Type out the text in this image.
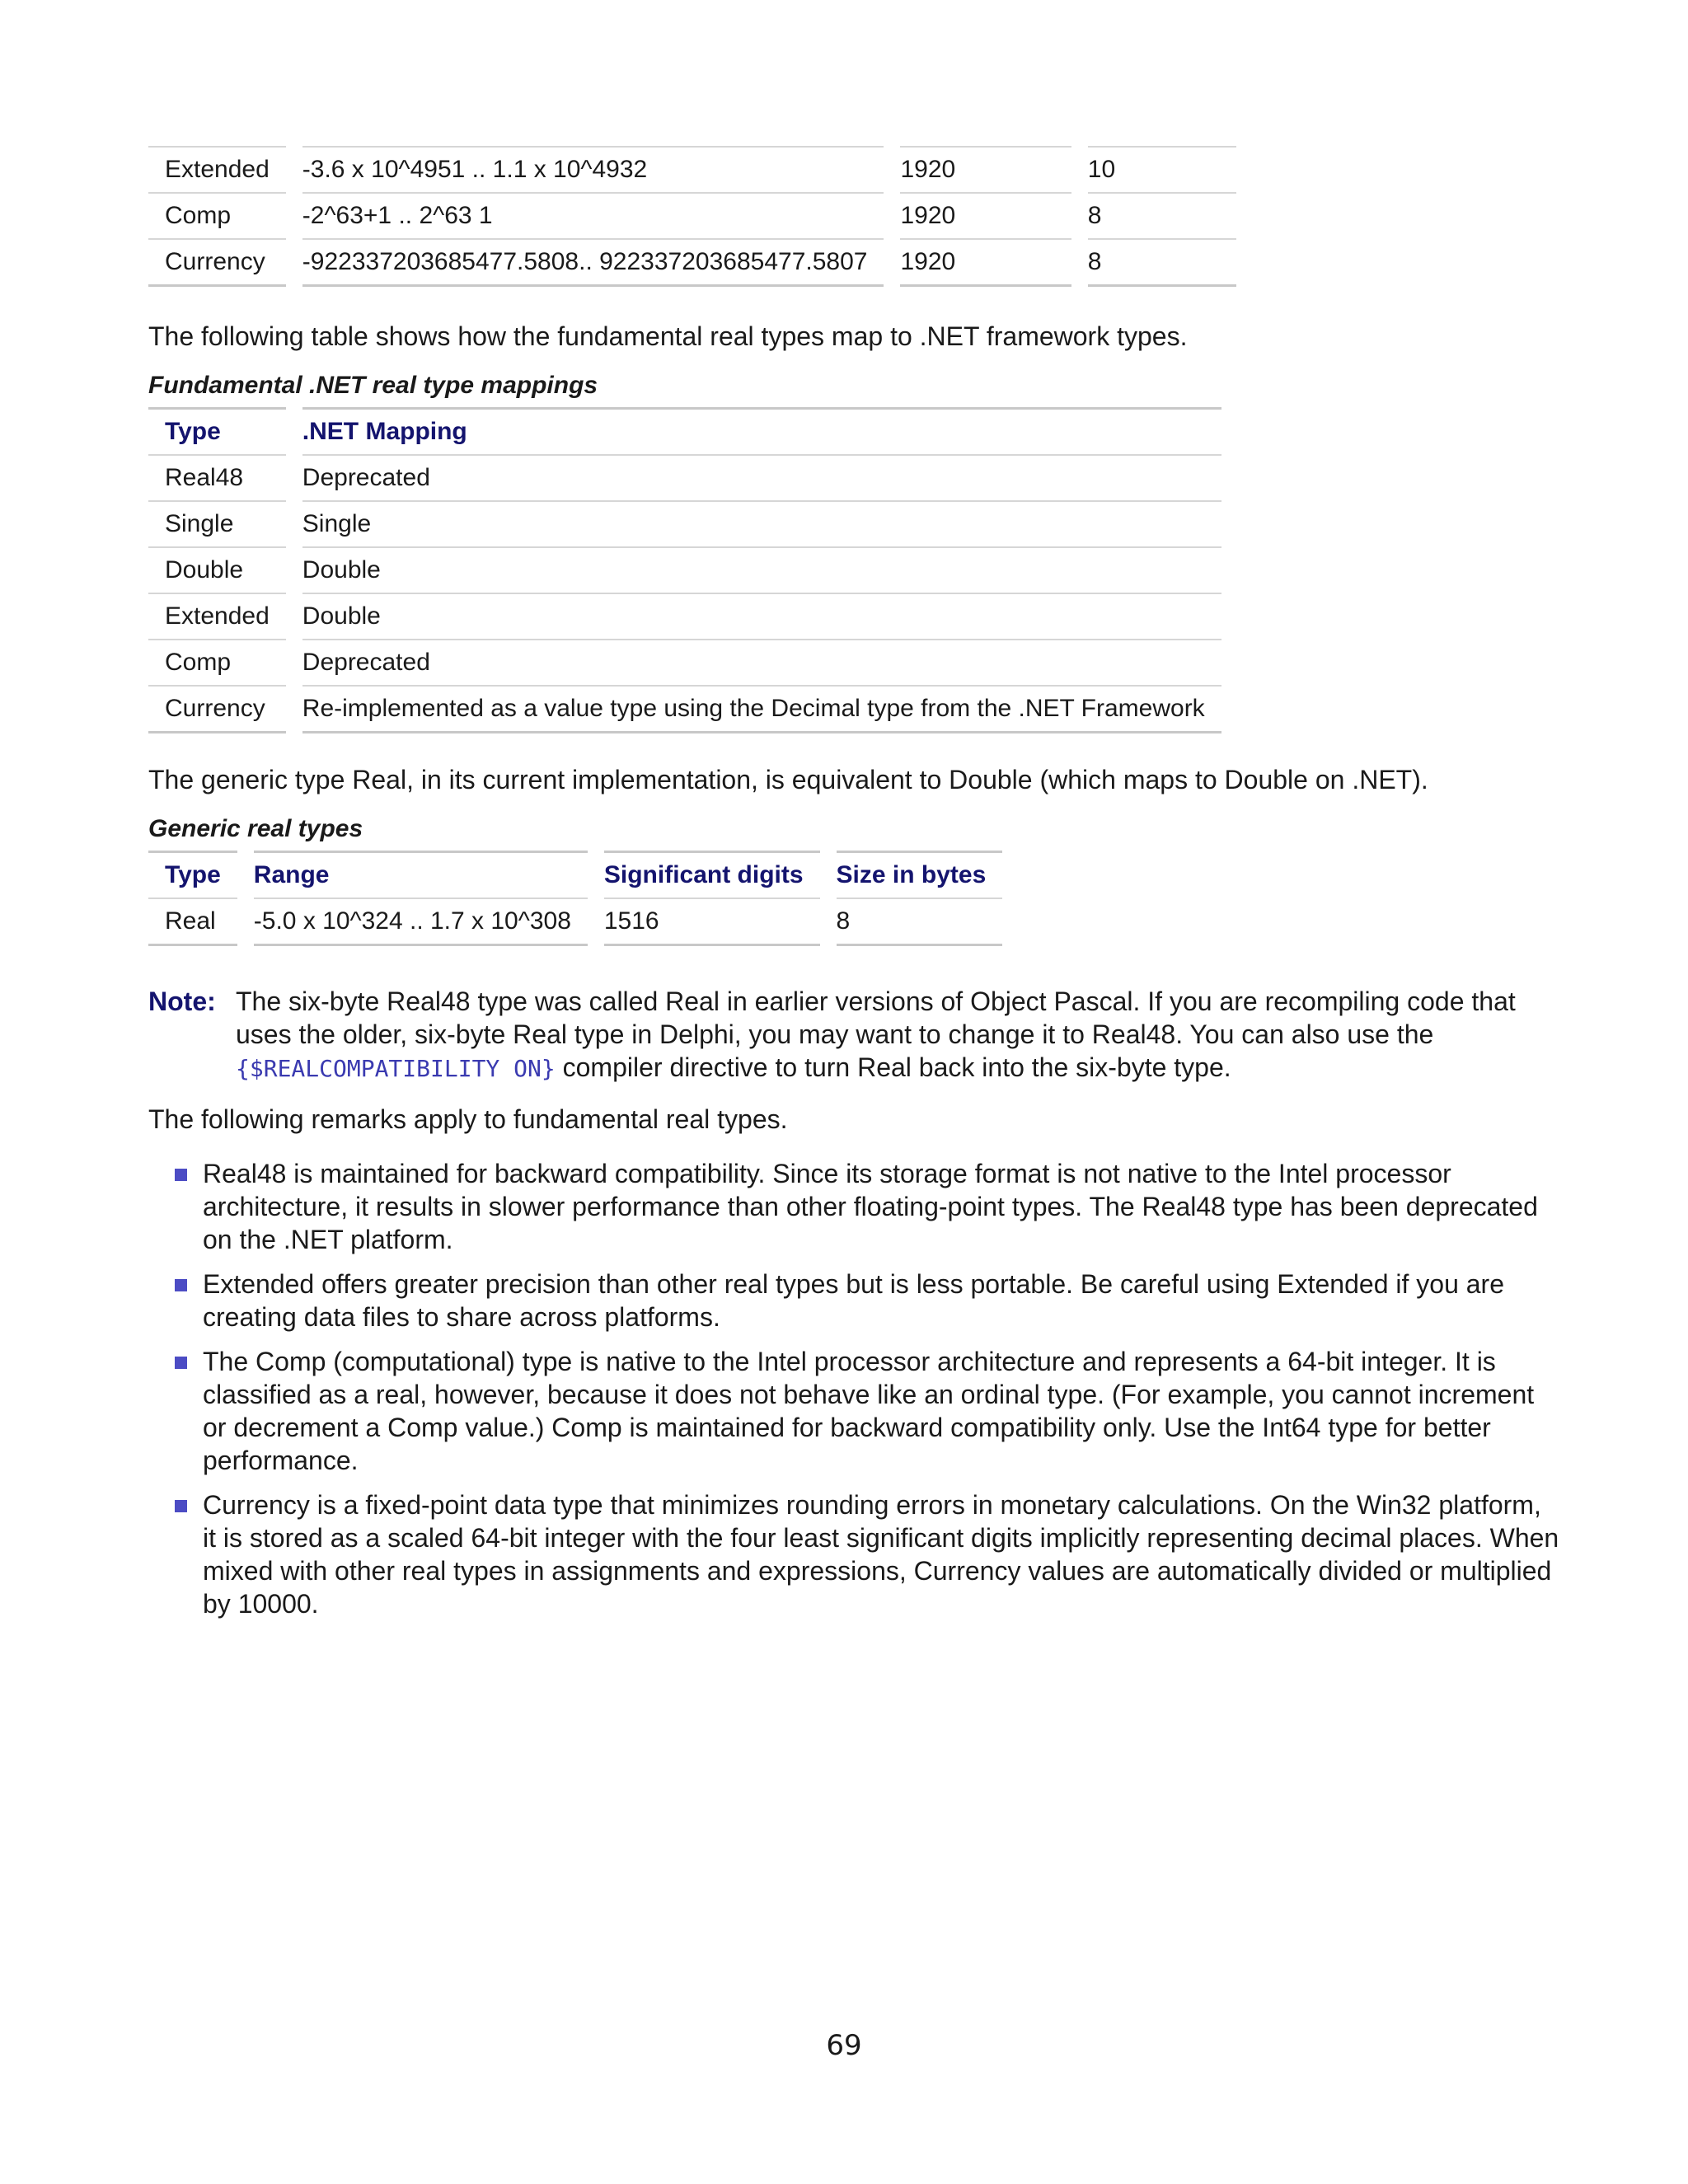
Extended	-3.6 x 10^4951 .. 1.1 x 10^4932	1920	10
Comp	-2^63+1 .. 2^63 1	1920	8
Currency	-922337203685477.5808.. 922337203685477.5807	1920	8

The following table shows how the fundamental real types map to .NET framework types.

Fundamental .NET real type mappings

Type	.NET Mapping
Real48	Deprecated
Single	Single
Double	Double
Extended	Double
Comp	Deprecated
Currency	Re-implemented as a value type using the Decimal type from the .NET Framework

The generic type Real, in its current implementation, is equivalent to Double (which maps to Double on .NET).

Generic real types

Type	Range	Significant digits	Size in bytes
Real	-5.0 x 10^324 .. 1.7 x 10^308	1516	8
Note: The six-byte Real48 type was called Real in earlier versions of Object Pascal. If you are recompiling code that uses the older, six-byte Real type in Delphi, you may want to change it to Real48. You can also use the {$REALCOMPATIBILITY ON} compiler directive to turn Real back into the six-byte type.

The following remarks apply to fundamental real types.

Real48 is maintained for backward compatibility. Since its storage format is not native to the Intel processor architecture, it results in slower performance than other floating-point types. The Real48 type has been deprecated on the .NET platform.
Extended offers greater precision than other real types but is less portable. Be careful using Extended if you are creating data files to share across platforms.
The Comp (computational) type is native to the Intel processor architecture and represents a 64-bit integer. It is classified as a real, however, because it does not behave like an ordinal type. (For example, you cannot increment or decrement a Comp value.) Comp is maintained for backward compatibility only. Use the Int64 type for better performance.
Currency is a fixed-point data type that minimizes rounding errors in monetary calculations. On the Win32 platform, it is stored as a scaled 64-bit integer with the four least significant digits implicitly representing decimal places. When mixed with other real types in assignments and expressions, Currency values are automatically divided or multiplied by 10000.
69
